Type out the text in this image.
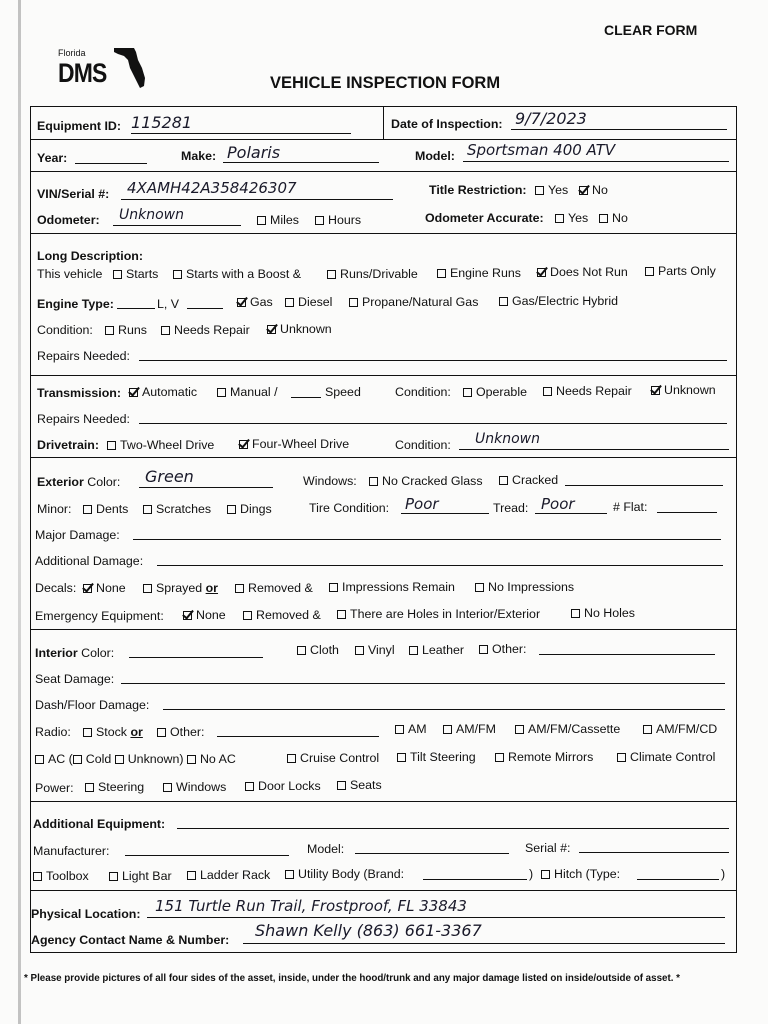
CLEAR FORM
Florida
DMS	VEHICLE INSPECTION FORM
Equipment ID: 115281	Date of Inspection: 9/7/2023
Year:	Make: Polaris	Model: Sportsman 400 ATV
VIN/Serial #: 4XAMH42A358426307	Title Restriction:	Yes	No
Odometer: Unknown	Miles	Hours	Odometer Accurate:	Yes	No
Long Description:
This vehicle	Starts	Starts with a Boost &	Runs/Drivable	Engine Runs	Does Not Run	Parts Only
Engine Type:	L, V	Gas	Diesel	Propane/Natural Gas	Gas/Electric Hybrid
Condition:	Runs	Needs Repair	Unknown
Repairs Needed:
Transmission:	Automatic	Manual /	Speed	Condition:	Operable	Needs Repair	Unknown
Repairs Needed:
Drivetrain:	Two-Wheel Drive	Four-Wheel Drive	Condition: Unknown
Exterior Color: Green	Windows:	No Cracked Glass	Cracked
Minor:	Dents	Scratches	Dings	Tire Condition: Poor	Tread: Poor	# Flat:
Major Damage:
Additional Damage:
Decals:	None	Sprayed or	Removed &	Impressions Remain	No Impressions
Emergency Equipment:	None	Removed &	There are Holes in Interior/Exterior	No Holes
Interior Color:	Cloth	Vinyl	Leather	Other:
Seat Damage:
Dash/Floor Damage:
Radio:	Stock or	Other:	AM	AM/FM	AM/FM/Cassette	AM/FM/CD
AC ( Cold Unknown) No AC	Cruise Control	Tilt Steering	Remote Mirrors	Climate Control
Power:	Steering	Windows	Door Locks	Seats
Additional Equipment:
Manufacturer:	Model:	Serial #:
Toolbox	Light Bar	Ladder Rack	Utility Body (Brand:	)	Hitch (Type:	)
Physical Location: 151 Turtle Run Trail, Frostproof, FL 33843
Agency Contact Name & Number: Shawn Kelly (863) 661-3367
* Please provide pictures of all four sides of the asset, inside, under the hood/trunk and any major damage listed on inside/outside of asset. *
